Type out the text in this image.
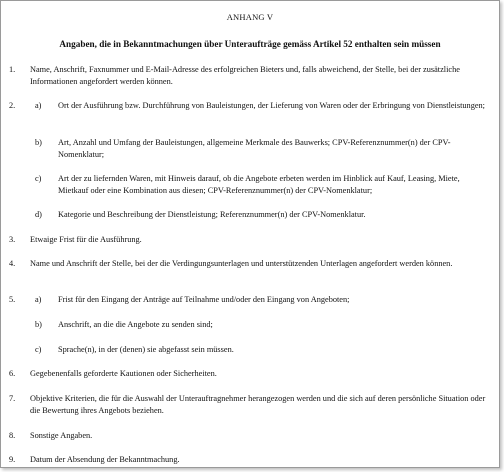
ANHANG V
Angaben, die in Bekanntmachungen über Unteraufträge gemäss Artikel 52 enthalten sein müssen
1. Name, Anschrift, Faxnummer und E-Mail-Adresse des erfolgreichen Bieters und, falls abweichend, der Stelle, bei der zusätzliche Informationen angefordert werden können.
2. a) Ort der Ausführung bzw. Durchführung von Bauleistungen, der Lieferung von Waren oder der Erbringung von Dienstleistungen;
b) Art, Anzahl und Umfang der Bauleistungen, allgemeine Merkmale des Bauwerks; CPV-Referenznummer(n) der CPV-Nomenklatur;
c) Art der zu liefernden Waren, mit Hinweis darauf, ob die Angebote erbeten werden im Hinblick auf Kauf, Leasing, Miete, Mietkauf oder eine Kombination aus diesen; CPV-Referenznummer(n) der CPV-Nomenklatur;
d) Kategorie und Beschreibung der Dienstleistung; Referenznummer(n) der CPV-Nomenklatur.
3. Etwaige Frist für die Ausführung.
4. Name und Anschrift der Stelle, bei der die Verdingungsunterlagen und unterstützenden Unterlagen angefordert werden können.
5. a) Frist für den Eingang der Anträge auf Teilnahme und/oder den Eingang von Angeboten;
b) Anschrift, an die die Angebote zu senden sind;
c) Sprache(n), in der (denen) sie abgefasst sein müssen.
6. Gegebenenfalls geforderte Kautionen oder Sicherheiten.
7. Objektive Kriterien, die für die Auswahl der Unterauftragnehmer herangezogen werden und die sich auf deren persönliche Situation oder die Bewertung ihres Angebots beziehen.
8. Sonstige Angaben.
9. Datum der Absendung der Bekanntmachung.
